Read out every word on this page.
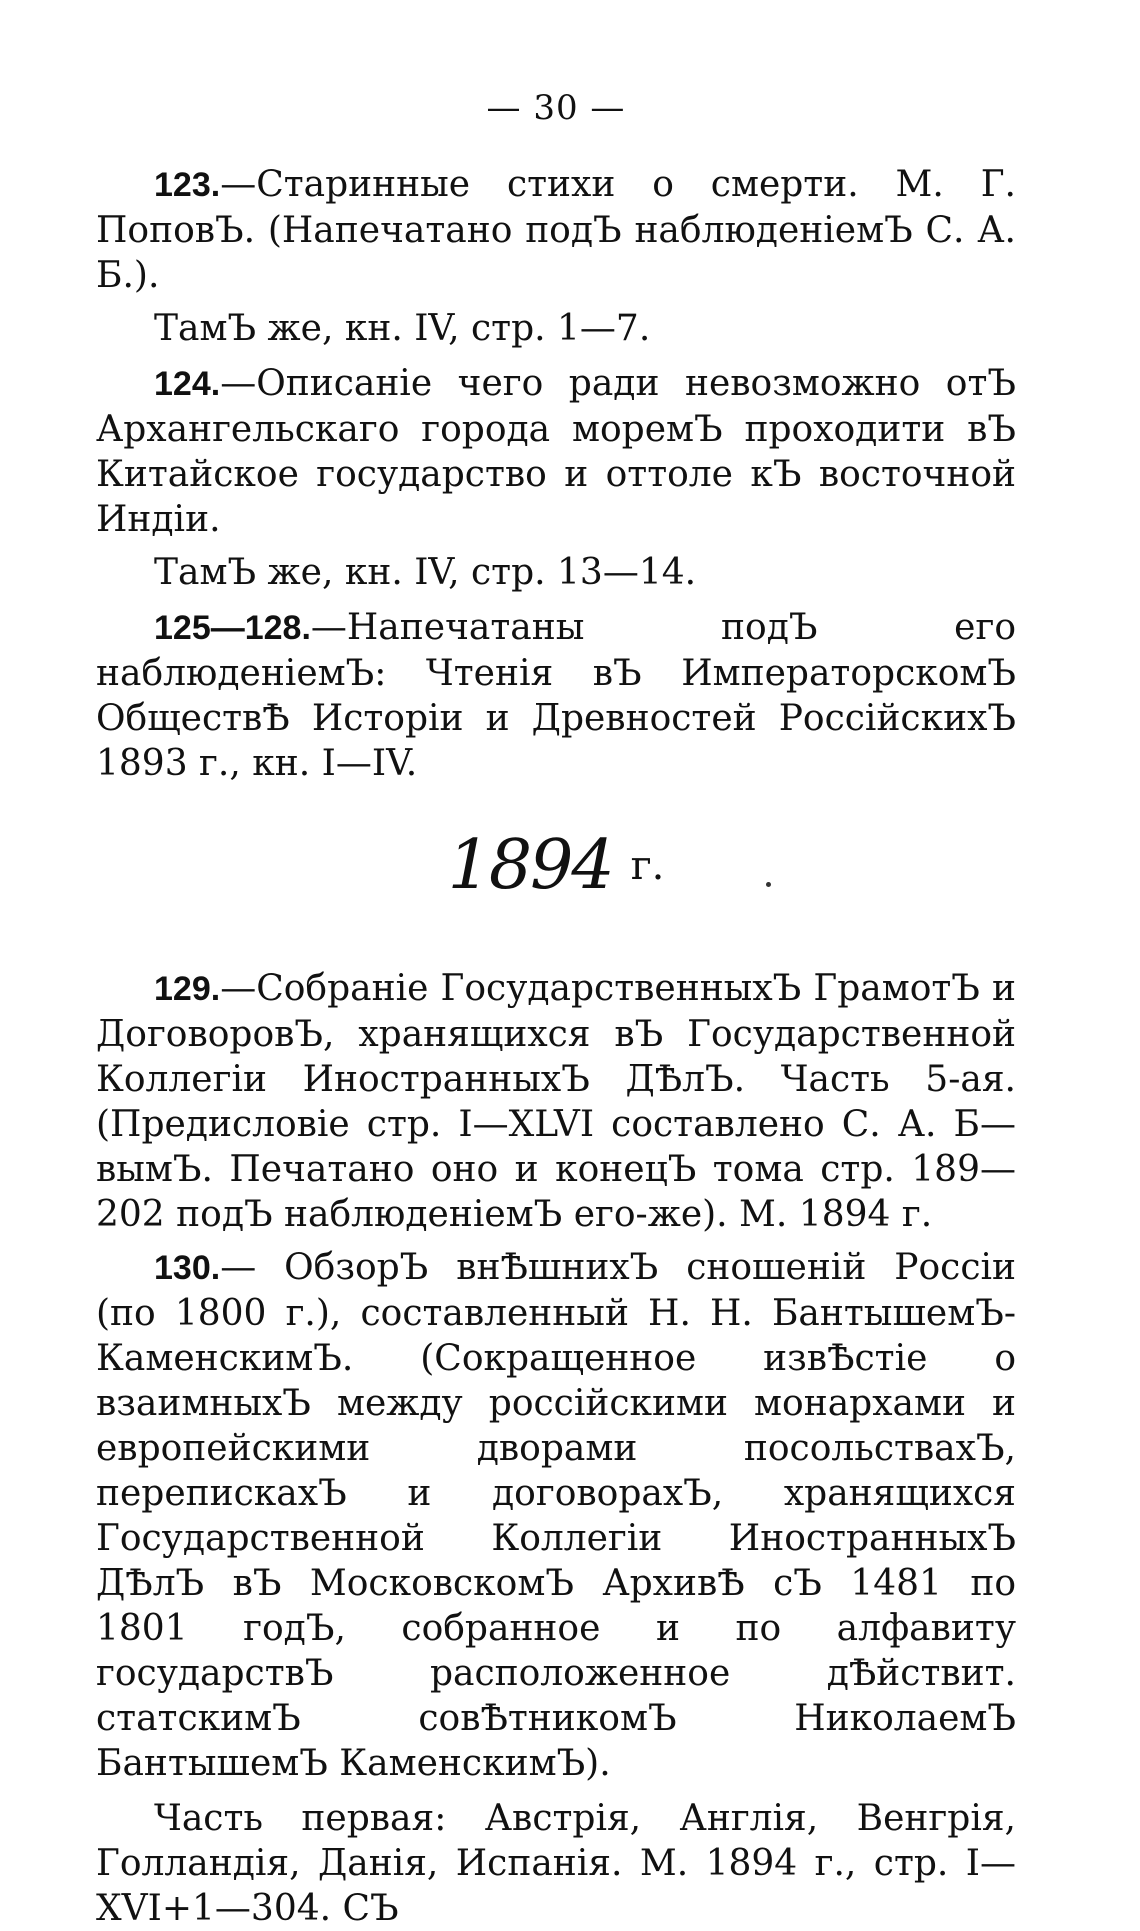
— 30 —
123.—Старинные стихи о смерти. М. Г. ПоповЪ. (Напечатано подЪ наблюденiемЪ С. А. Б.).
ТамЪ же, кн. IV, стр. 1—7.
124.—Описанiе чего ради невозможно отЪ Архангельскаго города моремЪ проходити вЪ Китайское государство и оттоле кЪ восточной Индiи.
ТамЪ же, кн. IV, стр. 13—14.
125—128.—Напечатаны подЪ его наблюденiемЪ: Чтенiя вЪ ИмператорскомЪ ОбществѢ Исторiи и Древностей РоссiйскихЪ 1893 г., кн. I—IV.
1894 г.
129.—Собранiе ГосударственныхЪ ГрамотЪ и ДоговоровЪ, хранящихся вЪ Государственной Коллегiи ИностранныхЪ ДѢлЪ. Часть 5-ая. (Предисловiе стр. I—XLVI составлено С. А. Б—вымЪ. Печатано оно и конецЪ тома стр. 189—202 подЪ наблюденiемЪ его-же). М. 1894 г.
130.— ОбзорЪ внѢшнихЪ сношенiй Россiи (по 1800 г.), составленный Н. Н. БантышемЪ-КаменскимЪ. (Сокращенное извѢстiе о взаимныхЪ между россiйскими монархами и европейскими дворами посольствахЪ, перепискахЪ и договорахЪ, хранящихся Государственной Коллегiи ИностранныхЪ ДѢлЪ вЪ МосковскомЪ АрхивѢ сЪ 1481 по 1801 годЪ, собранное и по алфавиту государствЪ расположенное дѢйствит. статскимЪ совѢтникомЪ НиколаемЪ БантышемЪ КаменскимЪ).
Часть первая: Австрiя, Англiя, Венгрiя, Голландiя, Данiя, Испанiя. М. 1894 г., стр. I—XVI+1—304. СЪ
